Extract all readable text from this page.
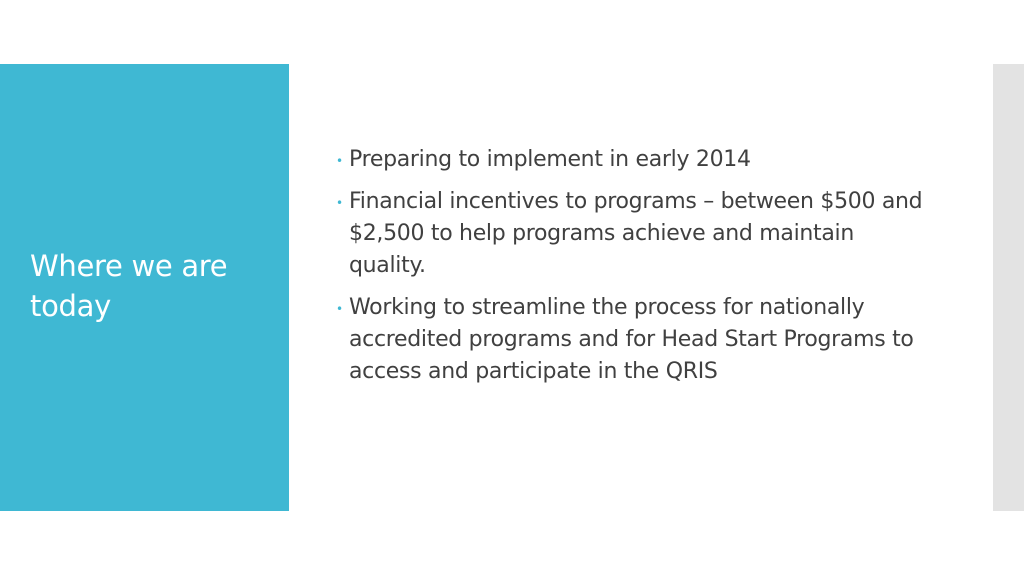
Where we are today
• Preparing to implement in early 2014
• Financial incentives to programs – between $500 and $2,500 to help programs achieve and maintain quality.
• Working to streamline the process for nationally accredited programs and for Head Start Programs to access and participate in the QRIS
